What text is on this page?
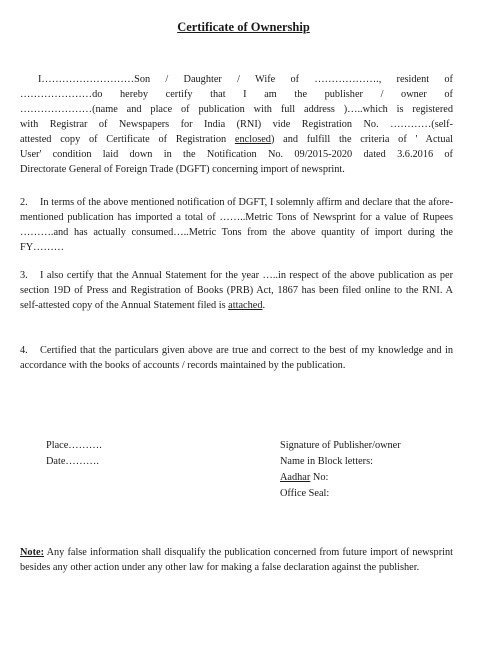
Certificate of Ownership
I………………………Son / Daughter / Wife of ………………., resident of
…………………do hereby certify that I am the publisher / owner of
…………………(name and place of publication with full address )…..which is registered
with Registrar of Newspapers for India (RNI) vide Registration No. …………(self-
attested copy of Certificate of Registration enclosed) and fulfill the criteria of ' Actual
User' condition laid down in the Notification No. 09/2015-2020 dated 3.6.2016 of
Directorate General of Foreign Trade (DGFT) concerning import of newsprint.
2. In terms of the above mentioned notification of DGFT, I solemnly affirm and declare that the afore-mentioned publication has imported a total of ……..Metric Tons of Newsprint for a value of Rupees ……….and has actually consumed…..Metric Tons from the above quantity of import during the FY………
3. I also certify that the Annual Statement for the year …..in respect of the above publication as per section 19D of Press and Registration of Books (PRB) Act, 1867 has been filed online to the RNI. A self-attested copy of the Annual Statement filed is attached.
4. Certified that the particulars given above are true and correct to the best of my knowledge and in accordance with the books of accounts / records maintained by the publication.
Place……….
Date……….
Signature of Publisher/owner
Name in Block letters:
Aadhar No:
Office Seal:
Note: Any false information shall disqualify the publication concerned from future import of newsprint besides any other action under any other law for making a false declaration against the publisher.
